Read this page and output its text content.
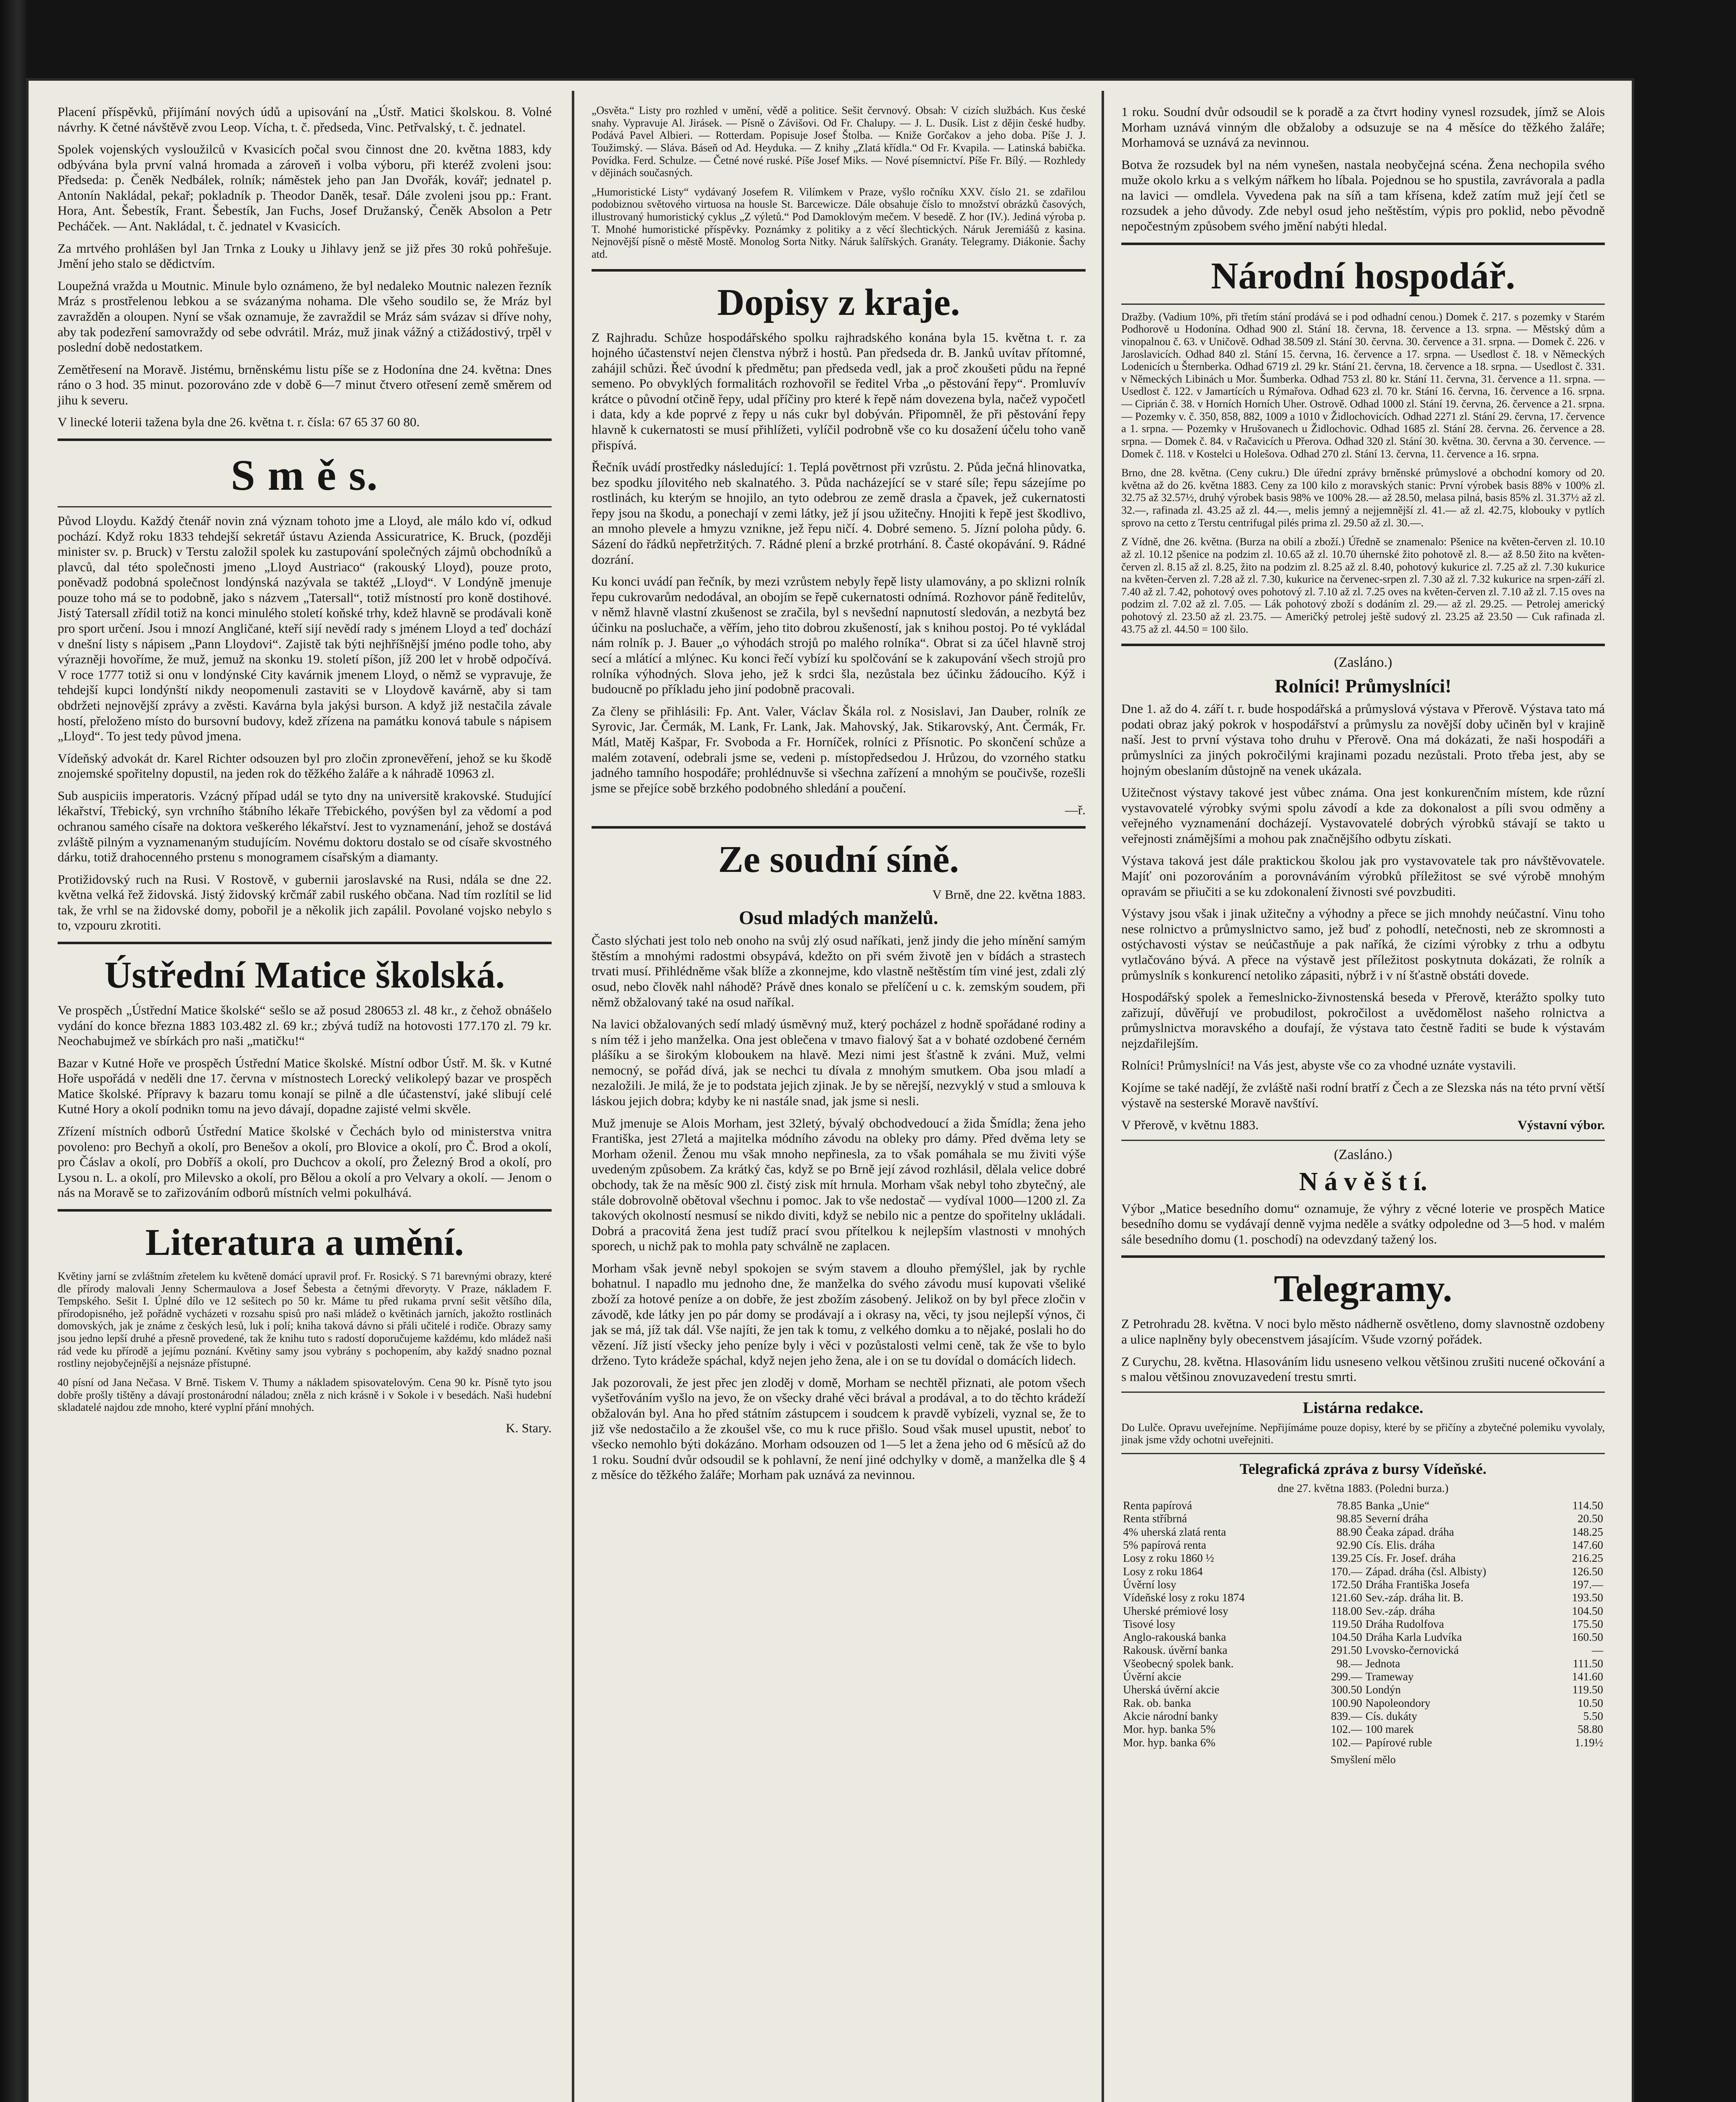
Placení příspěvků, přijímání nových údů a upisování na „Ústř. Matici školskou. 8. Volné návrhy. K četné návštěvě zvou Leop. Vícha, t. č. předseda, Vinc. Petřvalský, t. č. jednatel.

Spolek vojenských vysloužilců v Kvasicích počal svou činnost dne 20. května 1883, kdy odbývána byla první valná hromada a zároveň i volba výboru, při kteréž zvoleni jsou: Předseda: p. Čeněk Nedbálek, rolník; náměstek jeho pan Jan Dvořák, kovář; jednatel p. Antonín Nakládal, pekař; pokladník p. Theodor Daněk, tesař. Dále zvoleni jsou pp.: Frant. Hora, Ant. Šebestík, Frant. Šebestík, Jan Fuchs, Josef Družanský, Čeněk Absolon a Petr Pecháček. — Ant. Nakládal, t. č. jednatel v Kvasicích.

Za mrtvého prohlášen byl Jan Trnka z Louky u Jihlavy jenž se již přes 30 roků pohřešuje. Jmění jeho stalo se dědictvím.

Loupežná vražda u Moutnic. Minule bylo oznámeno, že byl nedaleko Moutnic nalezen řezník Mráz s prostřelenou lebkou a se svázanýma nohama. Dle všeho soudilo se, že Mráz byl zavražděn a oloupen. Nyní se však oznamuje, že zavraždil se Mráz sám svázav si dříve nohy, aby tak podezření samovraždy od sebe odvrátil. Mráz, muž jinak vážný a ctižádostivý, trpěl v poslední době nedostatkem.

Zemětřesení na Moravě. Jistému, brněnskému listu píše se z Hodonína dne 24. května: Dnes ráno o 3 hod. 35 minut. pozorováno zde v době 6—7 minut čtvero otřesení země směrem od jihu k severu.

V linecké loterii tažena byla dne 26. května t. r. čísla: 67 65 37 60 80.

S m ě s.

Původ Lloydu. Každý čtenář novin zná význam tohoto jme a Lloyd, ale málo kdo ví, odkud pochází. Když roku 1833 tehdejší sekretář ústavu Azienda Assicuratrice, K. Bruck, (později minister sv. p. Bruck) v Terstu založil spolek ku zastupování společných zájmů obchodníků a plavců, dal této společnosti jmeno „Lloyd Austriaco“ (rakouský Lloyd), pouze proto, poněvadž podobná společnost londýnská nazývala se taktéž „Lloyd“. V Londýně jmenuje pouze toho má se to podobně, jako s názvem „Tatersall“, totiž místností pro koně dostihové. Jistý Tatersall zřídil totiž na konci minulého století koňské trhy, kdež hlavně se prodávali koně pro sport určení. Jsou i mnozí Angličané, kteří sijí nevědí rady s jménem Lloyd a teď dochází v dnešní listy s nápisem „Pann Lloydovi“. Zajistě tak býti nejhříšnější jméno podle toho, aby výrazněji hovoříme, že muž, jemuž na skonku 19. století píšon, jíž 200 let v hrobě odpočívá. V roce 1777 totiž si onu v londýnské City kavárnik jmenem Lloyd, o němž se vypravuje, že tehdejší kupci londýnští nikdy neopomenuli zastaviti se v Lloydově kavárně, aby si tam obdržeti nejnovější zprávy a zvěsti. Kavárna byla jakýsi burson. A když již nestačila závale hostí, přeloženo místo do bursovní budovy, kdež zřízena na památku konová tabule s nápisem „Lloyd“. To jest tedy původ jmena.

Vídeňský advokát dr. Karel Richter odsouzen byl pro zločin zpronevěření, jehož se ku škodě znojemské spořitelny dopustil, na jeden rok do těžkého žaláře a k náhradě 10963 zl.

Sub auspiciis imperatoris. Vzácný případ udál se tyto dny na universitě krakovské. Studující lékařství, Třebický, syn vrchního štábního lékaře Třebického, povýšen byl za vědomí a pod ochranou samého císaře na doktora veškerého lékařství. Jest to vyznamenání, jehož se dostává zvláště pilným a vyznamenaným studujícím. Novému doktoru dostalo se od císaře skvostného dárku, totiž drahocenného prstenu s monogramem císařským a diamanty.

Protižidovský ruch na Rusi. V Rostově, v gubernii jaroslavské na Rusi, ndála se dne 22. května velká řež židovská. Jistý židovský krčmář zabil ruského občana. Nad tím rozlítil se lid tak, že vrhl se na židovské domy, pobořil je a několik jich zapálil. Povolané vojsko nebylo s to, vzpouru zkrotiti.

Ústřední Matice školská.

Ve prospěch „Ústřední Matice školské“ sešlo se až posud 280653 zl. 48 kr., z čehož obnášelo vydání do konce března 1883 103.482 zl. 69 kr.; zbývá tudíž na hotovosti 177.170 zl. 79 kr. Neochabujmež ve sbírkách pro naši „matičku!“

Bazar v Kutné Hoře ve prospěch Ústřední Matice školské. Místní odbor Ústř. M. šk. v Kutné Hoře uspořádá v neděli dne 17. června v místnostech Lorecký velikolepý bazar ve prospěch Matice školské. Přípravy k bazaru tomu konají se pilně a dle účastenství, jaké slibují celé Kutné Hory a okolí podnikn tomu na jevo dávají, dopadne zajisté velmi skvěle.

Zřízení místních odborů Ústřední Matice školské v Čechách bylo od ministerstva vnitra povoleno: pro Bechyň a okolí, pro Benešov a okolí, pro Blovice a okolí, pro Č. Brod a okolí, pro Čáslav a okolí, pro Dobříš a okolí, pro Duchcov a okolí, pro Železný Brod a okolí, pro Lysou n. L. a okolí, pro Milevsko a okolí, pro Bělou a okolí a pro Velvary a okolí. — Jenom o nás na Moravě se to zařizováním odborů místních velmi pokulhává.

Literatura a umění.

Květiny jarní se zvláštním zřetelem ku květeně domácí upravil prof. Fr. Rosický. S 71 barevnými obrazy, které dle přírody malovali Jenny Schermaulova a Josef Šebesta a četnými dřevoryty. V Praze, nákladem F. Tempského. Sešit I. Úplné dílo ve 12 sešitech po 50 kr. Máme tu před rukama první sešit většího díla, přírodopisného, jež pořádně vycházeti v rozsahu spisů pro naši mládež o květinách jarních, jakožto rostlinách domovských, jak je známe z českých lesů, luk i polí; kniha taková dávno si přáli učitelé i rodiče. Obrazy samy jsou jedno lepší druhé a přesně provedené, tak že knihu tuto s radostí doporučujeme každému, kdo mládež naši rád vede ku přírodě a jejímu poznání. Květiny samy jsou vybrány s pochopením, aby každý snadno poznal rostliny nejobyčejnější a nejsnáze přístupné.

40 písní od Jana Nečasa. V Brně. Tiskem V. Thumy a nákladem spisovatelovým. Cena 90 kr. Písně tyto jsou dobře prošly tištěny a dávají prostonárodní náladou; zněla z nich krásně i v Sokole i v besedách. Naši hudební skladatelé najdou zde mnoho, které vyplní přání mnohých.

K. Stary.

„Osvěta.“ Listy pro rozhled v umění, vědě a politice. Sešit červnový. Obsah: V cizích službách. Kus české snahy. Vypravuje Al. Jirásek. — Písně o Závišovi. Od Fr. Chalupy. — J. L. Dusík. List z dějin české hudby. Podává Pavel Albieri. — Rotterdam. Popisuje Josef Štolba. — Kniže Gorčakov a jeho doba. Píše J. J. Toužimský. — Sláva. Báseň od Ad. Heyduka. — Z knihy „Zlatá křídla.“ Od Fr. Kvapila. — Latinská babička. Povídka. Ferd. Schulze. — Četné nové ruské. Píše Josef Miks. — Nové písemnictví. Píše Fr. Bílý. — Rozhledy v dějinách současných.

„Humoristické Listy“ vydávaný Josefem R. Vilímkem v Praze, vyšlo ročníku XXV. číslo 21. se zdařilou podobiznou světového virtuosa na housle St. Barcewicze. Dále obsahuje číslo to množství obrázků časových, illustrovaný humoristický cyklus „Z výletů.“ Pod Damoklovým mečem. V besedě. Z hor (IV.). Jediná výroba p. T. Mnohé humoristické příspěvky. Poznámky z politiky a z věcí šlechtických. Náruk Jeremiášů z kasina. Nejnovější písně o městě Mostě. Monolog Sorta Nitky. Náruk šalířských. Granáty. Telegramy. Diákonie. Šachy atd.

Dopisy z kraje.

Z Rajhradu. Schůze hospodářského spolku rajhradského konána byla 15. května t. r. za hojného účastenství nejen členstva nýbrž i hostů. Pan předseda dr. B. Janků uvítav přítomné, zahájil schůzi. Řeč úvodní k předmětu; pan předseda vedl, jak a proč zkoušeti půdu na řepné semeno. Po obvyklých formalitách rozhovořil se ředitel Vrba „o pěstování řepy“. Promluvív krátce o původní otčině řepy, udal příčiny pro které k řepě nám dovezena byla, načež vypočetl i data, kdy a kde poprvé z řepy u nás cukr byl dobýván. Připomněl, že při pěstování řepy hlavně k cukernatosti se musí přihlížeti, vylíčil podrobně vše co ku dosažení účelu toho vaně přispívá.

Řečník uvádí prostředky následující: 1. Teplá povětrnost při vzrůstu. 2. Půda ječná hlinovatka, bez spodku jílovitého neb skalnatého. 3. Půda nacházející se v staré síle; řepu sázejíme po rostlinách, ku kterým se hnojilo, an tyto odebrou ze země drasla a čpavek, jež cukernatosti řepy jsou na škodu, a ponechají v zemi látky, jež jí jsou užitečny. Hnojiti k řepě jest škodlivo, an mnoho plevele a hmyzu vznikne, jež řepu ničí. 4. Dobré semeno. 5. Jízní poloha půdy. 6. Sázení do řádků nepřetržitých. 7. Rádné plení a brzké protrhání. 8. Časté okopávání. 9. Rádné dozrání.

Ku konci uvádí pan řečník, by mezi vzrůstem nebyly řepě listy ulamovány, a po sklizni rolník řepu cukrovarům nedodával, an obojím se řepě cukernatosti odnímá. Rozhovor páně ředitelův, v němž hlavně vlastní zkušenost se zračila, byl s nevšední napnutostí sledován, a nezbytá bez účinku na posluchače, a věřím, jeho tito dobrou zkušeností, jak s knihou postoj. Po té vykládal nám rolník p. J. Bauer „o výhodách strojů po malého rolníka“. Obrat si za účel hlavně stroj secí a mlátící a mlýnec. Ku konci řečí vybízí ku spolčování se k zakupování všech strojů pro rolníka výhodných. Slova jeho, jež k srdci šla, nezůstala bez účinku žádoucího. Kýž i budoucně po příkladu jeho jiní podobně pracovali.

Za členy se přihlásili: Fp. Ant. Valer, Václav Škála rol. z Nosislavi, Jan Dauber, rolník ze Syrovic, Jar. Čermák, M. Lank, Fr. Lank, Jak. Mahovský, Jak. Stikarovský, Ant. Čermák, Fr. Mátl, Matěj Kašpar, Fr. Svoboda a Fr. Horníček, rolníci z Přísnotic. Po skončení schůze a malém zotavení, odebrali jsme se, vedeni p. místopředsedou J. Hrůzou, do vzorného statku jadného tamního hospodáře; prohlédnuvše si všechna zařízení a mnohým se poučivše, rozešli jsme se přejíce sobě brzkého podobného shledání a poučení.

—ř.
Ze soudní síně.
V Brně, dne 22. května 1883.
Osud mladých manželů.

Často slýchati jest tolo neb onoho na svůj zlý osud naříkati, jenž jindy die jeho mínění samým štěstím a mnohými radostmi obsypává, kdežto on při svém životě jen v bídách a strastech trvati musí. Přihlédněme však blíže a zkonnejme, kdo vlastně neštěstím tím viné jest, zdali zlý osud, nebo člověk nahl náhodě? Právě dnes konalo se přelíčení u c. k. zemským soudem, při němž obžalovaný také na osud naříkal.

Na lavici obžalovaných sedí mladý úsměvný muž, který pocházel z hodně spořádané rodiny a s ním též i jeho manželka. Ona jest oblečena v tmavo fialový šat a v bohaté ozdobené černém plášíku a se širokým kloboukem na hlavě. Mezi nimi jest šťastně k zváni. Muž, velmi nemocný, se pořád dívá, jak se nechci tu dívala z mnohým smutkem. Oba jsou mladí a nezaložili. Je milá, že je to podstata jejich zjinak. Je by se něrejší, nezvyklý v stud a smlouva k láskou jejich dobra; kdyby ke ni nastále snad, jak jsme si nesli.

Muž jmenuje se Alois Morham, jest 32letý, bývalý obchodvedoucí a žida Šmídla; žena jeho Františka, jest 27letá a majitelka módního závodu na obleky pro dámy. Před dvěma lety se Morham oženil. Ženou mu však mnoho nepřinesla, za to však pomáhala se mu živiti výše uvedeným způsobem. Za krátký čas, když se po Brně její závod rozhlásil, dělala velice dobré obchody, tak že na měsíc 900 zl. čistý zisk mít hrnula. Morham však nebyl toho zbytečný, ale stále dobrovolně obětoval všechnu i pomoc. Jak to vše nedostač — vydíval 1000—1200 zl. Za takových okolností nesmusí se nikdo diviti, když se nebilo nic a pentze do spořitelny ukládali. Dobrá a pracovitá žena jest tudíž prací svou přítelkou k nejlepším vlastnosti v mnohých sporech, u nichž pak to mohla paty schválně ne zaplacen.

Morham však jevně nebyl spokojen se svým stavem a dlouho přemýšlel, jak by rychle bohatnul. I napadlo mu jednoho dne, že manželka do svého závodu musí kupovati všeliké zboží za hotové peníze a on dobře, že jest zbožím zásobený. Jelikož on by byl přece zločin v závodě, kde látky jen po pár domy se prodávají a i okrasy na, věci, ty jsou nejlepší výnos, či jak se má, jíž tak dál. Vše najíti, že jen tak k tomu, z velkého domku a to nějaké, poslali ho do vězení. Jíž jistí všecky jeho peníze byly i věci v pozůstalosti velmi ceně, tak že vše to bylo drženo. Tyto krádeže spáchal, když nejen jeho žena, ale i on se tu dovídal o domácích lidech.

Jak pozorovali, že jest přec jen zloděj v domě, Morham se nechtěl přiznati, ale potom všech vyšetřováním vyšlo na jevo, že on všecky drahé věci brával a prodával, a to do těchto krádeží obžalován byl. Ana ho před státním zástupcem i soudcem k pravdě vybízeli, vyznal se, že to již vše nedostačilo a že zkoušel vše, co mu k ruce přišlo. Soud však musel upustit, neboť to všecko nemohlo býti dokázáno. Morham odsouzen od 1—5 let a žena jeho od 6 měsíců až do 1 roku. Soudní dvůr odsoudil se k pohlavní, že není jiné odchylky v domě, a manželka dle § 4 z měsíce do těžkého žaláře; Morham pak uznává za nevinnou.

1 roku. Soudní dvůr odsoudil se k poradě a za čtvrt hodiny vynesl rozsudek, jímž se Alois Morham uznává vinným dle obžaloby a odsuzuje se na 4 měsíce do těžkého žaláře; Morhamová se uznává za nevinnou.

Botva že rozsudek byl na ném vynešen, nastala neobyčejná scéna. Žena nechopila svého muže okolo krku a s velkým nářkem ho líbala. Pojednou se ho spustila, zavrávorala a padla na lavici — omdlela. Vyvedena pak na síň a tam křísena, kdež zatím muž její četl se rozsudek a jeho důvody. Zde nebyl osud jeho neštěstím, výpis pro poklid, nebo pěvodně nepočestným způsobem svého jmění nabýti hledal.

Národní hospodář.

Dražby. (Vadium 10%, při třetím stání prodává se i pod odhadní cenou.) Domek č. 217. s pozemky v Starém Podhorově u Hodonína. Odhad 900 zl. Stání 18. června, 18. července a 13. srpna. — Městský dům a vinopalnou č. 63. v Uničově. Odhad 38.509 zl. Stání 30. června. 30. července a 31. srpna. — Domek č. 226. v Jaroslavicích. Odhad 840 zl. Stání 15. června, 16. července a 17. srpna. — Usedlost č. 18. v Německých Lodenicích u Šternberka. Odhad 6719 zl. 29 kr. Stání 21. června, 18. července a 18. srpna. — Usedlost č. 331. v Německých Libinách u Mor. Šumberka. Odhad 753 zl. 80 kr. Stání 11. června, 31. července a 11. srpna. — Usedlost č. 122. v Jamartících u Rýmařova. Odhad 623 zl. 70 kr. Stání 16. června, 16. července a 16. srpna. — Ciprián č. 38. v Horních Horních Uher. Ostrově. Odhad 1000 zl. Stání 19. června, 26. července a 21. srpna. — Pozemky v. č. 350, 858, 882, 1009 a 1010 v Židlochovicích. Odhad 2271 zl. Stání 29. června, 17. července a 1. srpna. — Pozemky v Hrušovanech u Židlochovic. Odhad 1685 zl. Stání 28. června. 26. července a 28. srpna. — Domek č. 84. v Račavicích u Přerova. Odhad 320 zl. Stání 30. května. 30. června a 30. července. — Domek č. 118. v Kostelci u Holešova. Odhad 270 zl. Stání 13. června, 11. července a 16. srpna.

Brno, dne 28. května. (Ceny cukru.) Dle úřední zprávy brněnské průmyslové a obchodní komory od 20. května až do 26. května 1883. Ceny za 100 kilo z moravských stanic: První výrobek basis 88% v 100% zl. 32.75 až 32.57½, druhý výrobek basis 98% ve 100% 28.— až 28.50, melasa pilná, basis 85% zl. 31.37½ až zl. 32.—, rafinada zl. 43.25 až zl. 44.—, melis jemný a nejjemnější zl. 41.— až zl. 42.75, klobouky v pytlích sprovo na cetto z Terstu centrifugal pilés prima zl. 29.50 až zl. 30.—.

Z Vídně, dne 26. května. (Burza na obilí a zboží.) Úředně se znamenalo: Pšenice na květen-červen zl. 10.10 až zl. 10.12 pšenice na podzim zl. 10.65 až zl. 10.70 úhernské žito pohotově zl. 8.— až 8.50 žito na květen-červen zl. 8.15 až zl. 8.25, žito na podzim zl. 8.25 až zl. 8.40, pohotový kukurice zl. 7.25 až zl. 7.30 kukurice na květen-červen zl. 7.28 až zl. 7.30, kukurice na červenec-srpen zl. 7.30 až zl. 7.32 kukurice na srpen-září zl. 7.40 až zl. 7.42, pohotový oves pohotový zl. 7.10 až zl. 7.25 oves na květen-červen zl. 7.10 až zl. 7.15 oves na podzim zl. 7.02 až zl. 7.05. — Lák pohotový zboží s dodáním zl. 29.— až zl. 29.25. — Petrolej americký pohotový zl. 23.50 až zl. 23.75. — Američký petrolej ještě sudový zl. 23.25 až 23.50 — Cuk rafinada zl. 43.75 až zl. 44.50 = 100 šilo.

(Zasláno.)
Rolníci! Průmyslníci!

Dne 1. až do 4. září t. r. bude hospodářská a průmyslová výstava v Přerově. Výstava tato má podati obraz jaký pokrok v hospodářství a průmyslu za novější doby učiněn byl v krajině naší. Jest to první výstava toho druhu v Přerově. Ona má dokázati, že naši hospodáři a průmyslníci za jiných pokročilými krajinami pozadu nezůstali. Proto třeba jest, aby se hojným obeslaním důstojně na venek ukázala.

Užitečnost výstavy takové jest vůbec známa. Ona jest konkurenčním místem, kde různí vystavovatelé výrobky svými spolu závodí a kde za dokonalost a píli svou odměny a veřejného vyznamenání docházejí. Vystavovatelé dobrých výrobků stávají se takto u veřejnosti známějšími a mohou pak značnějšího odbytu získati.

Výstava taková jest dále praktickou školou jak pro vystavovatele tak pro návštěvovatele. Majíť oni pozorováním a porovnáváním výrobků příležitost se své výrobě mnohým opravám se přiučiti a se ku zdokonalení živnosti své povzbuditi.

Výstavy jsou však i jinak užitečny a výhodny a přece se jich mnohdy neúčastní. Vinu toho nese rolnictvo a průmyslnictvo samo, jež buď z pohodlí, netečnosti, neb ze skromnosti a ostýchavosti výstav se neúčastňuje a pak naříká, že cizími výrobky z trhu a odbytu vytlačováno bývá. A přece na výstavě jest příležitost poskytnuta dokázati, že rolník a průmyslník s konkurencí netoliko zápasiti, nýbrž i v ní šťastně obstáti dovede.

Hospodářský spolek a řemeslnicko-živnostenská beseda v Přerově, kterážto spolky tuto zařizují, důvěřují ve probudilost, pokročilost a uvědomělost našeho rolnictva a průmyslnictva moravského a doufají, že výstava tato čestně řaditi se bude k výstavám nejzdařilejším.

Rolníci! Průmyslníci! na Vás jest, abyste vše co za vhodné uznáte vystavili.

Kojíme se také nadějí, že zvláště naši rodní bratří z Čech a ze Slezska nás na této první větší výstavě na sesterské Moravě navštíví.

V Přerově, v květnu 1883.	Výstavní výbor.

(Zasláno.)
N á v ě š t í.

Výbor „Matice besedního domu“ oznamuje, že výhry z věcné loterie ve prospěch Matice besedního domu se vydávají denně vyjma neděle a svátky odpoledne od 3—5 hod. v malém sále besedního domu (1. poschodí) na odevzdaný tažený los.

Telegramy.

Z Petrohradu 28. května. V noci bylo město nádherně osvětleno, domy slavnostně ozdobeny a ulice naplněny byly obecenstvem jásajícím. Všude vzorný pořádek.

Z Curychu, 28. května. Hlasováním lidu usneseno velkou většinou zrušiti nucené očkování a s malou většinou znovuzavedení trestu smrti.

Listárna redakce.

Do Lulče. Opravu uveřejníme. Nepřijímáme pouze dopisy, které by se přičíny a zbytečné polemiku vyvolaly, jinak jsme vždy ochotni uveřejniti.

Telegrafická zpráva z bursy Vídeňské.
dne 27. května 1883. (Poledni burza.)
Renta papírová	78.85	Banka „Unie“	114.50
Renta stříbrná	98.85	Severní dráha	20.50
4% uherská zlatá renta	88.90	Čeaka západ. dráha	148.25
5% papírová renta	92.90	Cís. Elis. dráha	147.60
Losy z roku 1860 ½	139.25	Cís. Fr. Josef. dráha	216.25
Losy z roku 1864	170.—	Západ. dráha (čsl. Albisty)	126.50
Úvěrní losy	172.50	Dráha Františka Josefa	197.—
Vídeňské losy z roku 1874	121.60	Sev.-záp. dráha lit. B.	193.50
Uherské prémiové losy	118.00	Sev.-záp. dráha	104.50
Tisové losy	119.50	Dráha Rudolfova	175.50
Anglo-rakouská banka	104.50	Dráha Karla Ludvíka	160.50
Rakousk. úvěrní banka	291.50	Lvovsko-černovická	—
Všeobecný spolek bank.	98.—	Jednota	111.50
Úvěrní akcie	299.—	Trameway	141.60
Uherská úvěrní akcie	300.50	Londýn	119.50
Rak. ob. banka	100.90	Napoleondory	10.50
Akcie národní banky	839.—	Cís. dukáty	5.50
Mor. hyp. banka 5%	102.—	100 marek	58.80
Mor. hyp. banka 6%	102.—	Papírové ruble	1.19½
Smyšlení mělo
